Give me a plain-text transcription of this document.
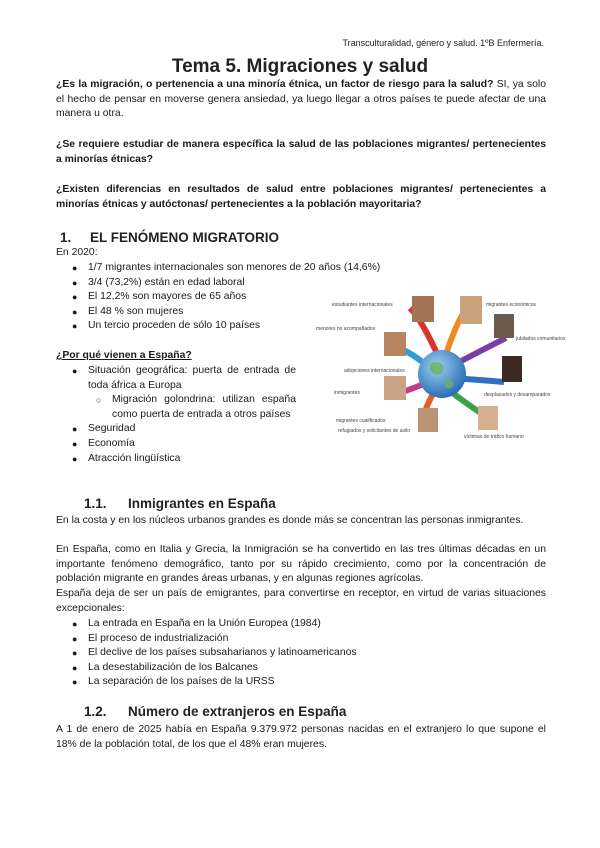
Transculturalidad, género y salud. 1ºB Enfermería.
Tema 5. Migraciones y salud
¿Es la migración, o pertenencia a una minoría étnica, un factor de riesgo para la salud? SI, ya solo el hecho de pensar en moverse genera ansiedad, ya luego llegar a otros países te puede afectar de una manera u otra.
¿Se requiere estudiar de manera específica la salud de las poblaciones migrantes/ pertenecientes a minorías étnicas?
¿Existen diferencias en resultados de salud entre poblaciones migrantes/ pertenecientes a minorías étnicas y autóctonas/ pertenecientes a la población mayoritaria?
1. EL FENÓMENO MIGRATORIO
En 2020:
● 1/7 migrantes internacionales son menores de 20 años (14,6%)
● 3/4 (73,2%) están en edad laboral
● El 12,2% son mayores de 65 años
● El 48 % son mujeres
● Un tercio proceden de sólo 10 países
¿Por qué vienen a España?
● Situación geográfica: puerta de entrada de toda áfrica a Europa
○ Migración golondrina: utilizan españa como puerta de entrada a otros países
● Seguridad
● Economía
● Atracción lingüística
estudiantes internacionales	migrantes económicos
menores no acompañados
jubilados comunitarios
adopciones internacionales
inmigrantes	desplazados y desamparados
migrantes cualificados
refugiados y solicitantes de asilo
víctimas de tráfico humano
1.1. Inmigrantes en España
En la costa y en los núcleos urbanos grandes es donde más se concentran las personas inmigrantes.
En España, como en Italia y Grecia, la Inmigración se ha convertido en las tres últimas décadas en un importante fenómeno demográfico, tanto por su rápido crecimiento, como por la concentración de población migrante en grandes áreas urbanas, y en algunas regiones agrícolas.
España deja de ser un país de emigrantes, para convertirse en receptor, en virtud de varias situaciones excepcionales:
● La entrada en España en la Unión Europea (1984)
● El proceso de industrialización
● El declive de los países subsaharianos y latinoamericanos
● La desestabilización de los Balcanes
● La separación de los países de la URSS
1.2. Número de extranjeros en España
A 1 de enero de 2025 había en España 9.379.972 personas nacidas en el extranjero lo que supone el 18% de la población total, de los que el 48% eran mujeres.
